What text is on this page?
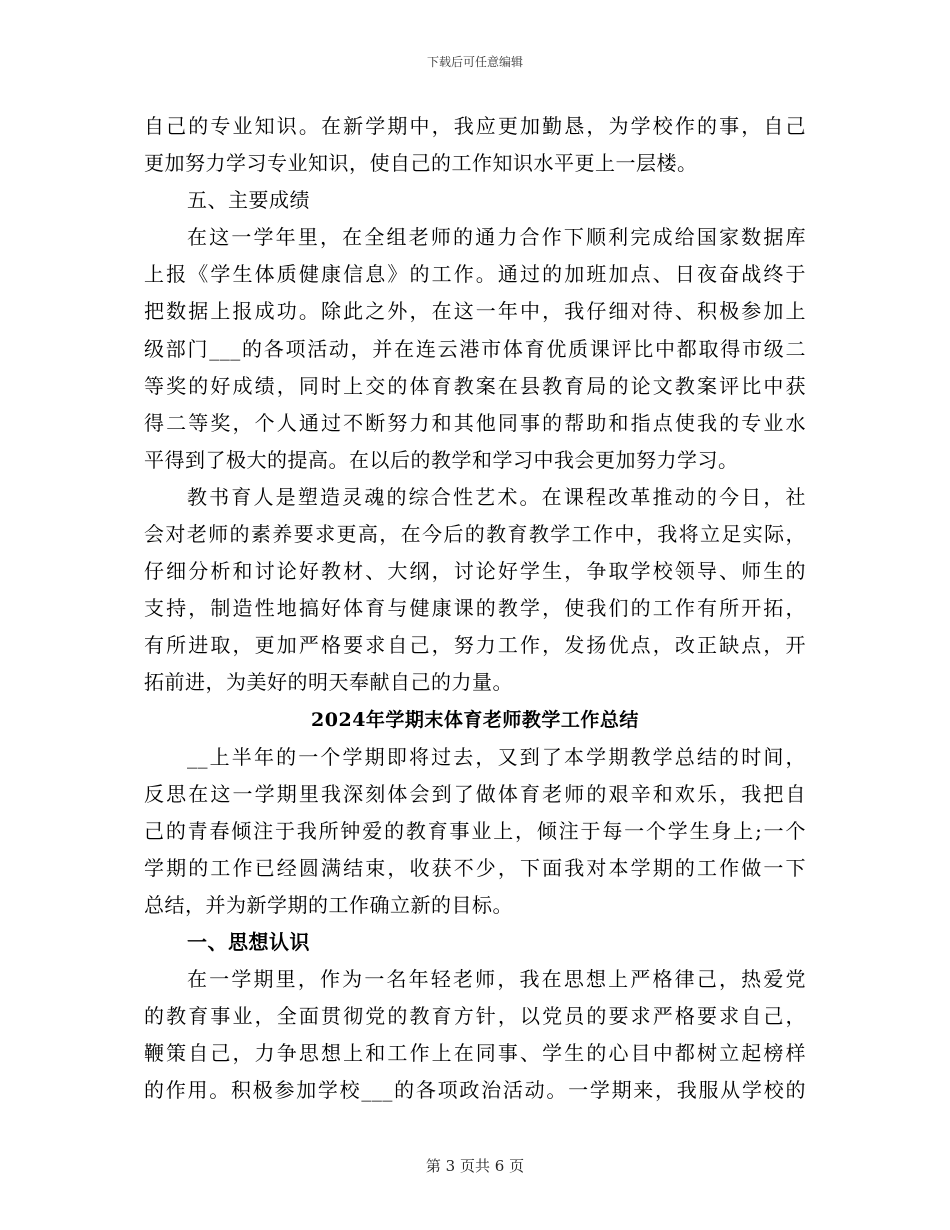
下载后可任意编辑
自己的专业知识。在新学期中，我应更加勤恳，为学校作的事，自己
更加努力学习专业知识，使自己的工作知识水平更上一层楼。
五、主要成绩
在这一学年里，在全组老师的通力合作下顺利完成给国家数据库
上报《学生体质健康信息》的工作。通过的加班加点、日夜奋战终于
把数据上报成功。除此之外，在这一年中，我仔细对待、积极参加上
级部门___的各项活动，并在连云港市体育优质课评比中都取得市级二
等奖的好成绩，同时上交的体育教案在县教育局的论文教案评比中获
得二等奖，个人通过不断努力和其他同事的帮助和指点使我的专业水
平得到了极大的提高。在以后的教学和学习中我会更加努力学习。
教书育人是塑造灵魂的综合性艺术。在课程改革推动的今日，社
会对老师的素养要求更高，在今后的教育教学工作中，我将立足实际，
仔细分析和讨论好教材、大纲，讨论好学生，争取学校领导、师生的
支持，制造性地搞好体育与健康课的教学，使我们的工作有所开拓，
有所进取，更加严格要求自己，努力工作，发扬优点，改正缺点，开
拓前进，为美好的明天奉献自己的力量。
2024年学期末体育老师教学工作总结
__上半年的一个学期即将过去，又到了本学期教学总结的时间，
反思在这一学期里我深刻体会到了做体育老师的艰辛和欢乐，我把自
己的青春倾注于我所钟爱的教育事业上，倾注于每一个学生身上;一个
学期的工作已经圆满结束，收获不少，下面我对本学期的工作做一下
总结，并为新学期的工作确立新的目标。
一、思想认识
在一学期里，作为一名年轻老师，我在思想上严格律己，热爱党
的教育事业，全面贯彻党的教育方针，以党员的要求严格要求自己，
鞭策自己，力争思想上和工作上在同事、学生的心目中都树立起榜样
的作用。积极参加学校___的各项政治活动。一学期来，我服从学校的
第 3 页共 6 页
